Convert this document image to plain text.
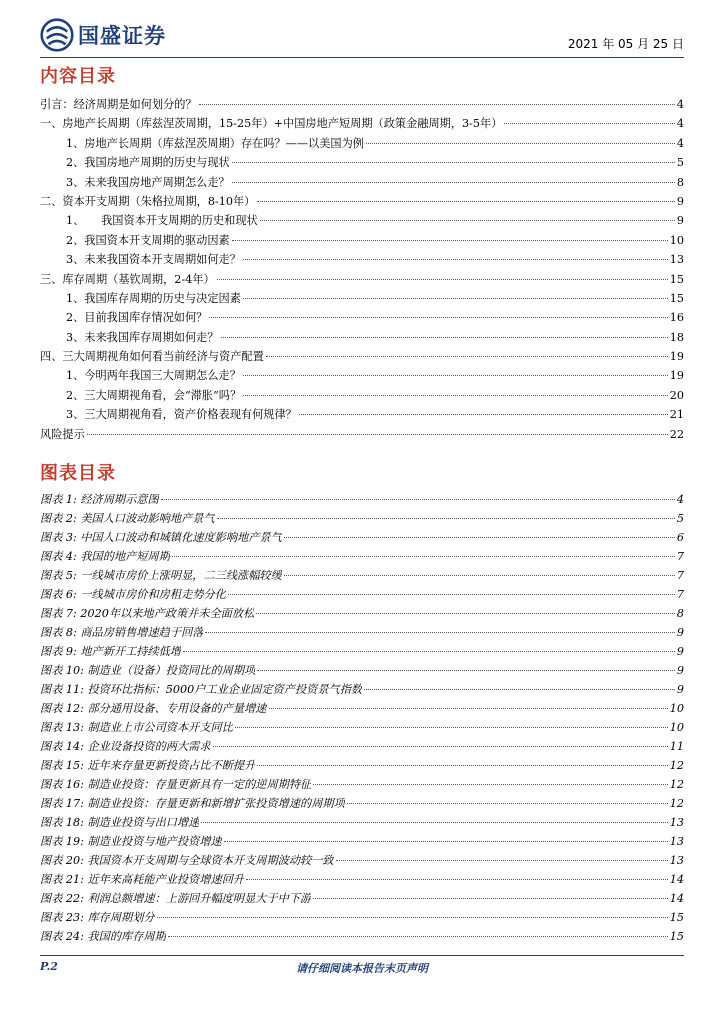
国盛证券	2021 年 05 月 25 日
内容目录
引言：经济周期是如何划分的？	4
一、房地产长周期（库兹涅茨周期，15-25年）+中国房地产短周期（政策金融周期，3-5年）	4
1、房地产长周期（库兹涅茨周期）存在吗？——以美国为例	4
2、我国房地产周期的历史与现状	5
3、未来我国房地产周期怎么走？	8
二、资本开支周期（朱格拉周期，8-10年）	9
1、　　我国资本开支周期的历史和现状	9
2、我国资本开支周期的驱动因素	10
3、未来我国资本开支周期如何走？	13
三、库存周期（基钦周期，2-4年）	15
1、我国库存周期的历史与决定因素	15
2、目前我国库存情况如何？	16
3、未来我国库存周期如何走？	18
四、三大周期视角如何看当前经济与资产配置	19
1、今明两年我国三大周期怎么走？	19
2、三大周期视角看，会“滞胀”吗？	20
3、三大周期视角看，资产价格表现有何规律？	21
风险提示	22
图表目录
图表 1: 经济周期示意图	4
图表 2: 美国人口波动影响地产景气	5
图表 3: 中国人口波动和城镇化速度影响地产景气	6
图表 4: 我国的地产短周期	7
图表 5: 一线城市房价上涨明显，二三线涨幅较缓	7
图表 6: 一线城市房价和房租走势分化	7
图表 7: 2020年以来地产政策并未全面放松	8
图表 8: 商品房销售增速趋于回落	9
图表 9: 地产新开工持续低增	9
图表 10: 制造业（设备）投资同比的周期项	9
图表 11: 投资环比指标：5000户工业企业固定资产投资景气指数	9
图表 12: 部分通用设备、专用设备的产量增速	10
图表 13: 制造业上市公司资本开支同比	10
图表 14: 企业设备投资的两大需求	11
图表 15: 近年来存量更新投资占比不断提升	12
图表 16: 制造业投资：存量更新具有一定的逆周期特征	12
图表 17: 制造业投资：存量更新和新增扩张投资增速的周期项	12
图表 18: 制造业投资与出口增速	13
图表 19: 制造业投资与地产投资增速	13
图表 20: 我国资本开支周期与全球资本开支周期波动较一致	13
图表 21: 近年来高耗能产业投资增速回升	14
图表 22: 利润总额增速：上游回升幅度明显大于中下游	14
图表 23: 库存周期划分	15
图表 24: 我国的库存周期	15
P.2	请仔细阅读本报告末页声明
